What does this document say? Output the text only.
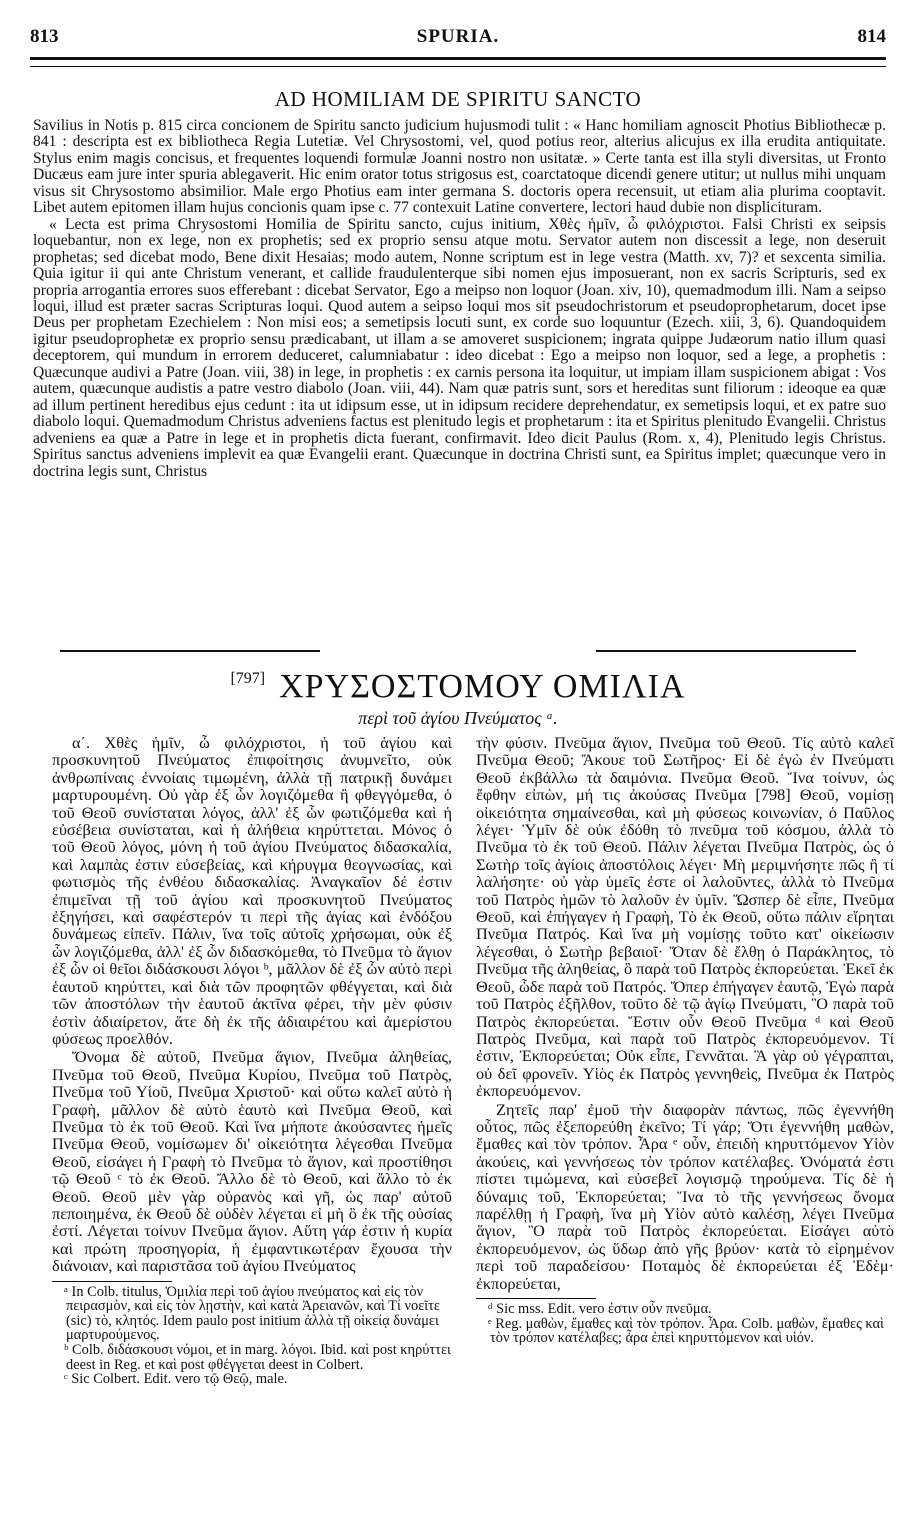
813	SPURIA.	814
AD HOMILIAM DE SPIRITU SANCTO

Savilius in Notis p. 815 circa concionem de Spiritu sancto judicium hujusmodi tulit : « Hanc homiliam agnoscit Photius Bibliothecæ p. 841 : descripta est ex bibliotheca Regia Lutetiæ. Vel Chrysostomi, vel, quod potius reor, alterius alicujus ex illa erudita antiquitate. Stylus enim magis concisus, et frequentes loquendi formulæ Joanni nostro non usitatæ. » Certe tanta est illa styli diversitas, ut Fronto Ducæus eam jure inter spuria ablegaverit. Hic enim orator totus strigosus est, coarctatoque dicendi genere utitur; ut nullus mihi unquam visus sit Chrysostomo absimilior. Male ergo Photius eam inter germana S. doctoris opera recensuit, ut etiam alia plurima cooptavit. Libet autem epitomen illam hujus concionis quam ipse c. 77 contexuit Latine convertere, lectori haud dubie non displicituram.

« Lecta est prima Chrysostomi Homilia de Spiritu sancto, cujus initium, Χθὲς ἡμῖν, ὦ φιλόχριστοι. Falsi Christi ex seipsis loquebantur, non ex lege, non ex prophetis; sed ex proprio sensu atque motu. Servator autem non discessit a lege, non deseruit prophetas; sed dicebat modo, Bene dixit Hesaias; modo autem, Nonne scriptum est in lege vestra (Matth. xv, 7)? et sexcenta similia. Quia igitur ii qui ante Christum venerant, et callide fraudulenterque sibi nomen ejus imposuerant, non ex sacris Scripturis, sed ex propria arrogantia errores suos efferebant : dicebat Servator, Ego a meipso non loquor (Joan. xiv, 10), quemadmodum illi. Nam a seipso loqui, illud est præter sacras Scripturas loqui. Quod autem a seipso loqui mos sit pseudochristorum et pseudoprophetarum, docet ipse Deus per prophetam Ezechielem : Non misi eos; a semetipsis locuti sunt, ex corde suo loquuntur (Ezech. xiii, 3, 6). Quandoquidem igitur pseudoprophetæ ex proprio sensu prædicabant, ut illam a se amoveret suspicionem; ingrata quippe Judæorum natio illum quasi deceptorem, qui mundum in errorem deduceret, calumniabatur : ideo dicebat : Ego a meipso non loquor, sed a lege, a prophetis : Quæcunque audivi a Patre (Joan. viii, 38) in lege, in prophetis : ex carnis persona ita loquitur, ut impiam illam suspicionem abigat : Vos autem, quæcunque audistis a patre vestro diabolo (Joan. viii, 44). Nam quæ patris sunt, sors et hereditas sunt filiorum : ideoque ea quæ ad illum pertinent heredibus ejus cedunt : ita ut idipsum esse, ut in idipsum recidere deprehendatur, ex semetipsis loqui, et ex patre suo diabolo loqui. Quemadmodum Christus adveniens factus est plenitudo legis et prophetarum : ita et Spiritus plenitudo Evangelii. Christus adveniens ea quæ a Patre in lege et in prophetis dicta fuerant, confirmavit. Ideo dicit Paulus (Rom. x, 4), Plenitudo legis Christus. Spiritus sanctus adveniens implevit ea quæ Evangelii erant. Quæcunque in doctrina Christi sunt, ea Spiritus implet; quæcunque vero in doctrina legis sunt, Christus

[797] ΧΡΥΣΟΣΤΟΜΟΥ ΟΜΙΛΙΑ
περὶ τοῦ ἁγίου Πνεύματος ᵃ.

α΄. Χθὲς ἡμῖν, ὦ φιλόχριστοι, ἡ τοῦ ἁγίου καὶ προσκυνητοῦ Πνεύματος ἐπιφοίτησις ἀνυμνεῖτο, οὐκ ἀνθρωπίναις ἐννοίαις τιμωμένη, ἀλλὰ τῇ πατρικῇ δυνάμει μαρτυρουμένη. Οὐ γὰρ ἐξ ὧν λογιζόμεθα ἢ φθεγγόμεθα, ὁ τοῦ Θεοῦ συνίσταται λόγος, ἀλλ' ἐξ ὧν φωτιζόμεθα καὶ ἡ εὐσέβεια συνίσταται, καὶ ἡ ἀλήθεια κηρύττεται. Μόνος ὁ τοῦ Θεοῦ λόγος, μόνη ἡ τοῦ ἁγίου Πνεύματος διδασκαλία, καὶ λαμπὰς ἐστιν εὐσεβείας, καὶ κήρυγμα θεογνωσίας, καὶ φωτισμὸς τῆς ἐνθέου διδασκαλίας. Ἀναγκαῖον δέ ἐστιν ἐπιμεῖναι τῇ τοῦ ἁγίου καὶ προσκυνητοῦ Πνεύματος ἐξηγήσει, καὶ σαφέστερόν τι περὶ τῆς ἁγίας καὶ ἐνδόξου δυνάμεως εἰπεῖν. Πάλιν, ἵνα τοῖς αὐτοῖς χρήσωμαι, οὐκ ἐξ ὧν λογιζόμεθα, ἀλλ' ἐξ ὧν διδασκόμεθα, τὸ Πνεῦμα τὸ ἅγιον ἐξ ὧν οἱ θεῖοι διδάσκουσι λόγοι ᵇ, μᾶλλον δὲ ἐξ ὧν αὐτὸ περὶ ἑαυτοῦ κηρύττει, καὶ διὰ τῶν προφητῶν φθέγγεται, καὶ διὰ τῶν ἀποστόλων τὴν ἑαυτοῦ ἀκτῖνα φέρει, τὴν μὲν φύσιν ἐστὶν ἀδιαίρετον, ἅτε δὴ ἐκ τῆς ἀδιαιρέτου καὶ ἀμερίστου φύσεως προελθόν.

Ὄνομα δὲ αὐτοῦ, Πνεῦμα ἅγιον, Πνεῦμα ἀληθείας, Πνεῦμα τοῦ Θεοῦ, Πνεῦμα Κυρίου, Πνεῦμα τοῦ Πατρὸς, Πνεῦμα τοῦ Υἱοῦ, Πνεῦμα Χριστοῦ· καὶ οὕτω καλεῖ αὐτὸ ἡ Γραφὴ, μᾶλλον δὲ αὐτὸ ἑαυτὸ καὶ Πνεῦμα Θεοῦ, καὶ Πνεῦμα τὸ ἐκ τοῦ Θεοῦ. Καὶ ἵνα μήποτε ἀκούσαντες ἡμεῖς Πνεῦμα Θεοῦ, νομίσωμεν δι' οἰκειότητα λέγεσθαι Πνεῦμα Θεοῦ, εἰσάγει ἡ Γραφὴ τὸ Πνεῦμα τὸ ἅγιον, καὶ προστίθησι τῷ Θεοῦ ᶜ τὸ ἐκ Θεοῦ. Ἄλλο δὲ τὸ Θεοῦ, καὶ ἄλλο τὸ ἐκ Θεοῦ. Θεοῦ μὲν γὰρ οὐρανὸς καὶ γῆ, ὡς παρ' αὐτοῦ πεποιημένα, ἐκ Θεοῦ δὲ οὐδὲν λέγεται εἰ μὴ ὃ ἐκ τῆς οὐσίας ἐστί. Λέγεται τοίνυν Πνεῦμα ἅγιον. Αὕτη γάρ ἐστιν ἡ κυρία καὶ πρώτη προσηγορία, ἡ ἐμφαντικωτέραν ἔχουσα τὴν διάνοιαν, καὶ παριστᾶσα τοῦ ἁγίου Πνεύματος

ᵃ In Colb. titulus, Ὁμιλία περὶ τοῦ ἁγίου πνεύματος καὶ εἰς τὸν πειρασμὸν, καὶ εἰς τὸν λῃστὴν, καὶ κατὰ Ἀρειανῶν, καὶ Τί νοεῖτε (sic) τὸ, κλητός. Idem paulo post initium ἀλλὰ τῇ οἰκείᾳ δυνάμει μαρτυρούμενος.

ᵇ Colb. διδάσκουσι νόμοι, et in marg. λόγοι. Ibid. καὶ post κηρύττει deest in Reg. et καὶ post φθέγγεται deest in Colbert.

ᶜ Sic Colbert. Edit. vero τῷ Θεῷ, male.

τὴν φύσιν. Πνεῦμα ἅγιον, Πνεῦμα τοῦ Θεοῦ. Τίς αὐτὸ καλεῖ Πνεῦμα Θεοῦ; Ἄκουε τοῦ Σωτῆρος· Εἰ δὲ ἐγὼ ἐν Πνεύματι Θεοῦ ἐκβάλλω τὰ δαιμόνια. Πνεῦμα Θεοῦ. Ἵνα τοίνυν, ὡς ἔφθην εἰπὼν, μή τις ἀκούσας Πνεῦμα [798] Θεοῦ, νομίσῃ οἰκειότητα σημαίνεσθαι, καὶ μὴ φύσεως κοινωνίαν, ὁ Παῦλος λέγει· Ὑμῖν δὲ οὐκ ἐδόθη τὸ πνεῦμα τοῦ κόσμου, ἀλλὰ τὸ Πνεῦμα τὸ ἐκ τοῦ Θεοῦ. Πάλιν λέγεται Πνεῦμα Πατρὸς, ὡς ὁ Σωτὴρ τοῖς ἁγίοις ἀποστόλοις λέγει· Μὴ μεριμνήσητε πῶς ἢ τί λαλήσητε· οὐ γὰρ ὑμεῖς ἐστε οἱ λαλοῦντες, ἀλλὰ τὸ Πνεῦμα τοῦ Πατρὸς ἡμῶν τὸ λαλοῦν ἐν ὑμῖν. Ὥσπερ δὲ εἶπε, Πνεῦμα Θεοῦ, καὶ ἐπήγαγεν ἡ Γραφὴ, Τὸ ἐκ Θεοῦ, οὕτω πάλιν εἴρηται Πνεῦμα Πατρός. Καὶ ἵνα μὴ νομίσῃς τοῦτο κατ' οἰκείωσιν λέγεσθαι, ὁ Σωτὴρ βεβαιοῖ· Ὅταν δὲ ἔλθῃ ὁ Παράκλητος, τὸ Πνεῦμα τῆς ἀληθείας, ὃ παρὰ τοῦ Πατρὸς ἐκπορεύεται. Ἐκεῖ ἐκ Θεοῦ, ὧδε παρὰ τοῦ Πατρός. Ὅπερ ἐπήγαγεν ἑαυτῷ, Ἐγὼ παρὰ τοῦ Πατρὸς ἐξῆλθον, τοῦτο δὲ τῷ ἁγίῳ Πνεύματι, Ὃ παρὰ τοῦ Πατρὸς ἐκπορεύεται. Ἔστιν οὖν Θεοῦ Πνεῦμα ᵈ καὶ Θεοῦ Πατρὸς Πνεῦμα, καὶ παρὰ τοῦ Πατρὸς ἐκπορευόμενον. Τί ἐστιν, Ἐκπορεύεται; Οὐκ εἶπε, Γεννᾶται. Ἃ γὰρ οὐ γέγραπται, οὐ δεῖ φρονεῖν. Υἱὸς ἐκ Πατρὸς γεννηθεὶς, Πνεῦμα ἐκ Πατρὸς ἐκπορευόμενον.

Ζητεῖς παρ' ἐμοῦ τὴν διαφορὰν πάντως, πῶς ἐγεννήθη οὗτος, πῶς ἐξεπορεύθη ἐκεῖνο; Τί γάρ; Ὅτι ἐγεννήθη μαθὼν, ἔμαθες καὶ τὸν τρόπον. Ἆρα ᵉ οὖν, ἐπειδὴ κηρυττόμενον Υἱὸν ἀκούεις, καὶ γεννήσεως τὸν τρόπον κατέλαβες. Ὀνόματά ἐστι πίστει τιμώμενα, καὶ εὐσεβεῖ λογισμῷ τηρούμενα. Τίς δὲ ἡ δύναμις τοῦ, Ἐκπορεύεται; Ἵνα τὸ τῆς γεννήσεως ὄνομα παρέλθῃ ἡ Γραφὴ, ἵνα μὴ Υἱὸν αὐτὸ καλέσῃ, λέγει Πνεῦμα ἅγιον, Ὃ παρὰ τοῦ Πατρὸς ἐκπορεύεται. Εἰσάγει αὐτὸ ἐκπορευόμενον, ὡς ὕδωρ ἀπὸ γῆς βρύον· κατὰ τὸ εἰρημένον περὶ τοῦ παραδείσου· Ποταμὸς δὲ ἐκπορεύεται ἐξ Ἐδὲμ· ἐκπορεύεται,

ᵈ Sic mss. Edit. vero ἐστιν οὖν πνεῦμα.

ᵉ Reg. μαθὼν, ἔμαθες καὶ τὸν τρόπον. Ἆρα. Colb. μαθὼν, ἔμαθες καὶ τὸν τρόπον κατέλαβες; ἆρα ἐπεὶ κηρυττόμενον καὶ υἱόν.
